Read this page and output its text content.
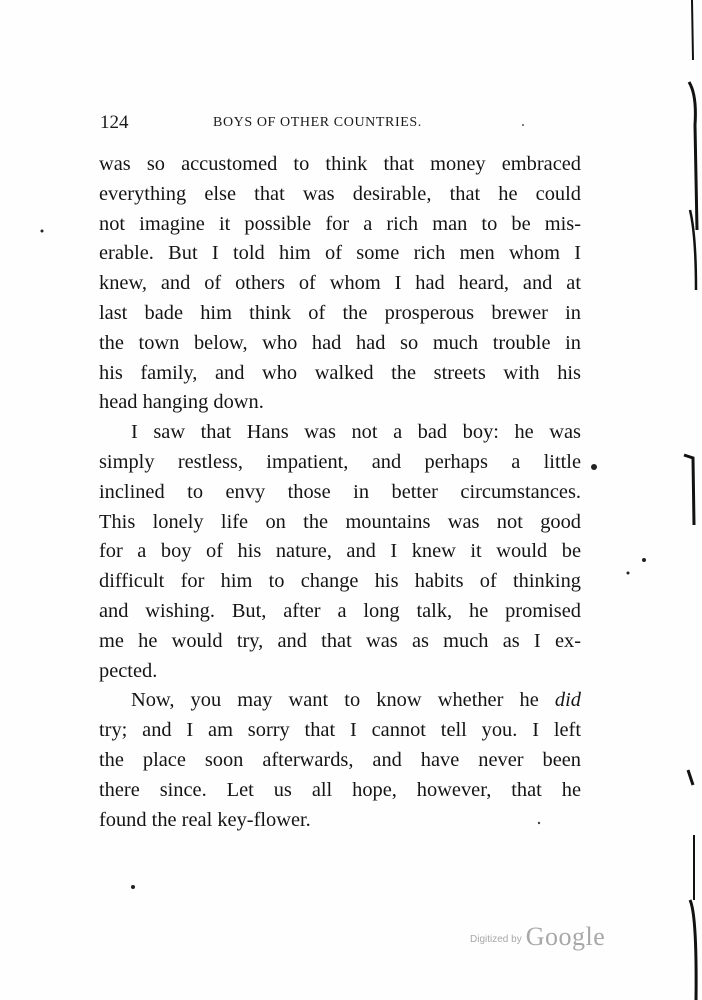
124	BOYS OF OTHER COUNTRIES.
was so accustomed to think that money embraced
everything else that was desirable, that he could
not imagine it possible for a rich man to be mis-
erable. But I told him of some rich men whom I
knew, and of others of whom I had heard, and at
last bade him think of the prosperous brewer in
the town below, who had had so much trouble in
his family, and who walked the streets with his
head hanging down.
I saw that Hans was not a bad boy: he was
simply restless, impatient, and perhaps a little
inclined to envy those in better circumstances.
This lonely life on the mountains was not good
for a boy of his nature, and I knew it would be
difficult for him to change his habits of thinking
and wishing. But, after a long talk, he promised
me he would try, and that was as much as I ex-
pected.
Now, you may want to know whether he did
try; and I am sorry that I cannot tell you. I left
the place soon afterwards, and have never been
there since. Let us all hope, however, that he
found the real key-flower.
Digitized by Google
